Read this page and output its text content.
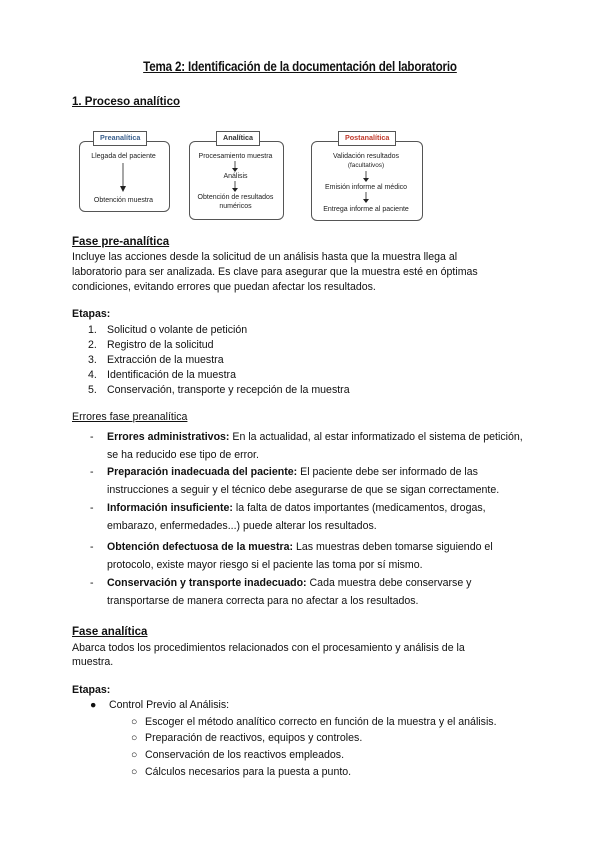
Tema 2: Identificación de la documentación del laboratorio
1. Proceso analítico
Preanalítica
Llegada del paciente
Obtención muestra
Analítica
Procesamiento muestra
Análisis
Obtención de resultados numéricos
Postanalítica
Validación resultados
(facultativos)
Emisión informe al médico
Entrega informe al paciente
Fase pre-analítica
Incluye las acciones desde la solicitud de un análisis hasta que la muestra llega al
laboratorio para ser analizada. Es clave para asegurar que la muestra esté en óptimas
condiciones, evitando errores que puedan afectar los resultados.
Etapas:
1. Solicitud o volante de petición
2. Registro de la solicitud
3. Extracción de la muestra
4. Identificación de la muestra
5. Conservación, transporte y recepción de la muestra
Errores fase preanalítica
- Errores administrativos: En la actualidad, al estar informatizado el sistema de petición, se ha reducido ese tipo de error.
- Preparación inadecuada del paciente: El paciente debe ser informado de las instrucciones a seguir y el técnico debe asegurarse de que se sigan correctamente.
- Información insuficiente: la falta de datos importantes (medicamentos, drogas, embarazo, enfermedades...) puede alterar los resultados.
- Obtención defectuosa de la muestra: Las muestras deben tomarse siguiendo el protocolo, existe mayor riesgo si el paciente las toma por sí mismo.
- Conservación y transporte inadecuado: Cada muestra debe conservarse y transportarse de manera correcta para no afectar a los resultados.
Fase analítica
Abarca todos los procedimientos relacionados con el procesamiento y análisis de la
muestra.
Etapas:
● Control Previo al Análisis:
○ Escoger el método analítico correcto en función de la muestra y el análisis.
○ Preparación de reactivos, equipos y controles.
○ Conservación de los reactivos empleados.
○ Cálculos necesarios para la puesta a punto.
